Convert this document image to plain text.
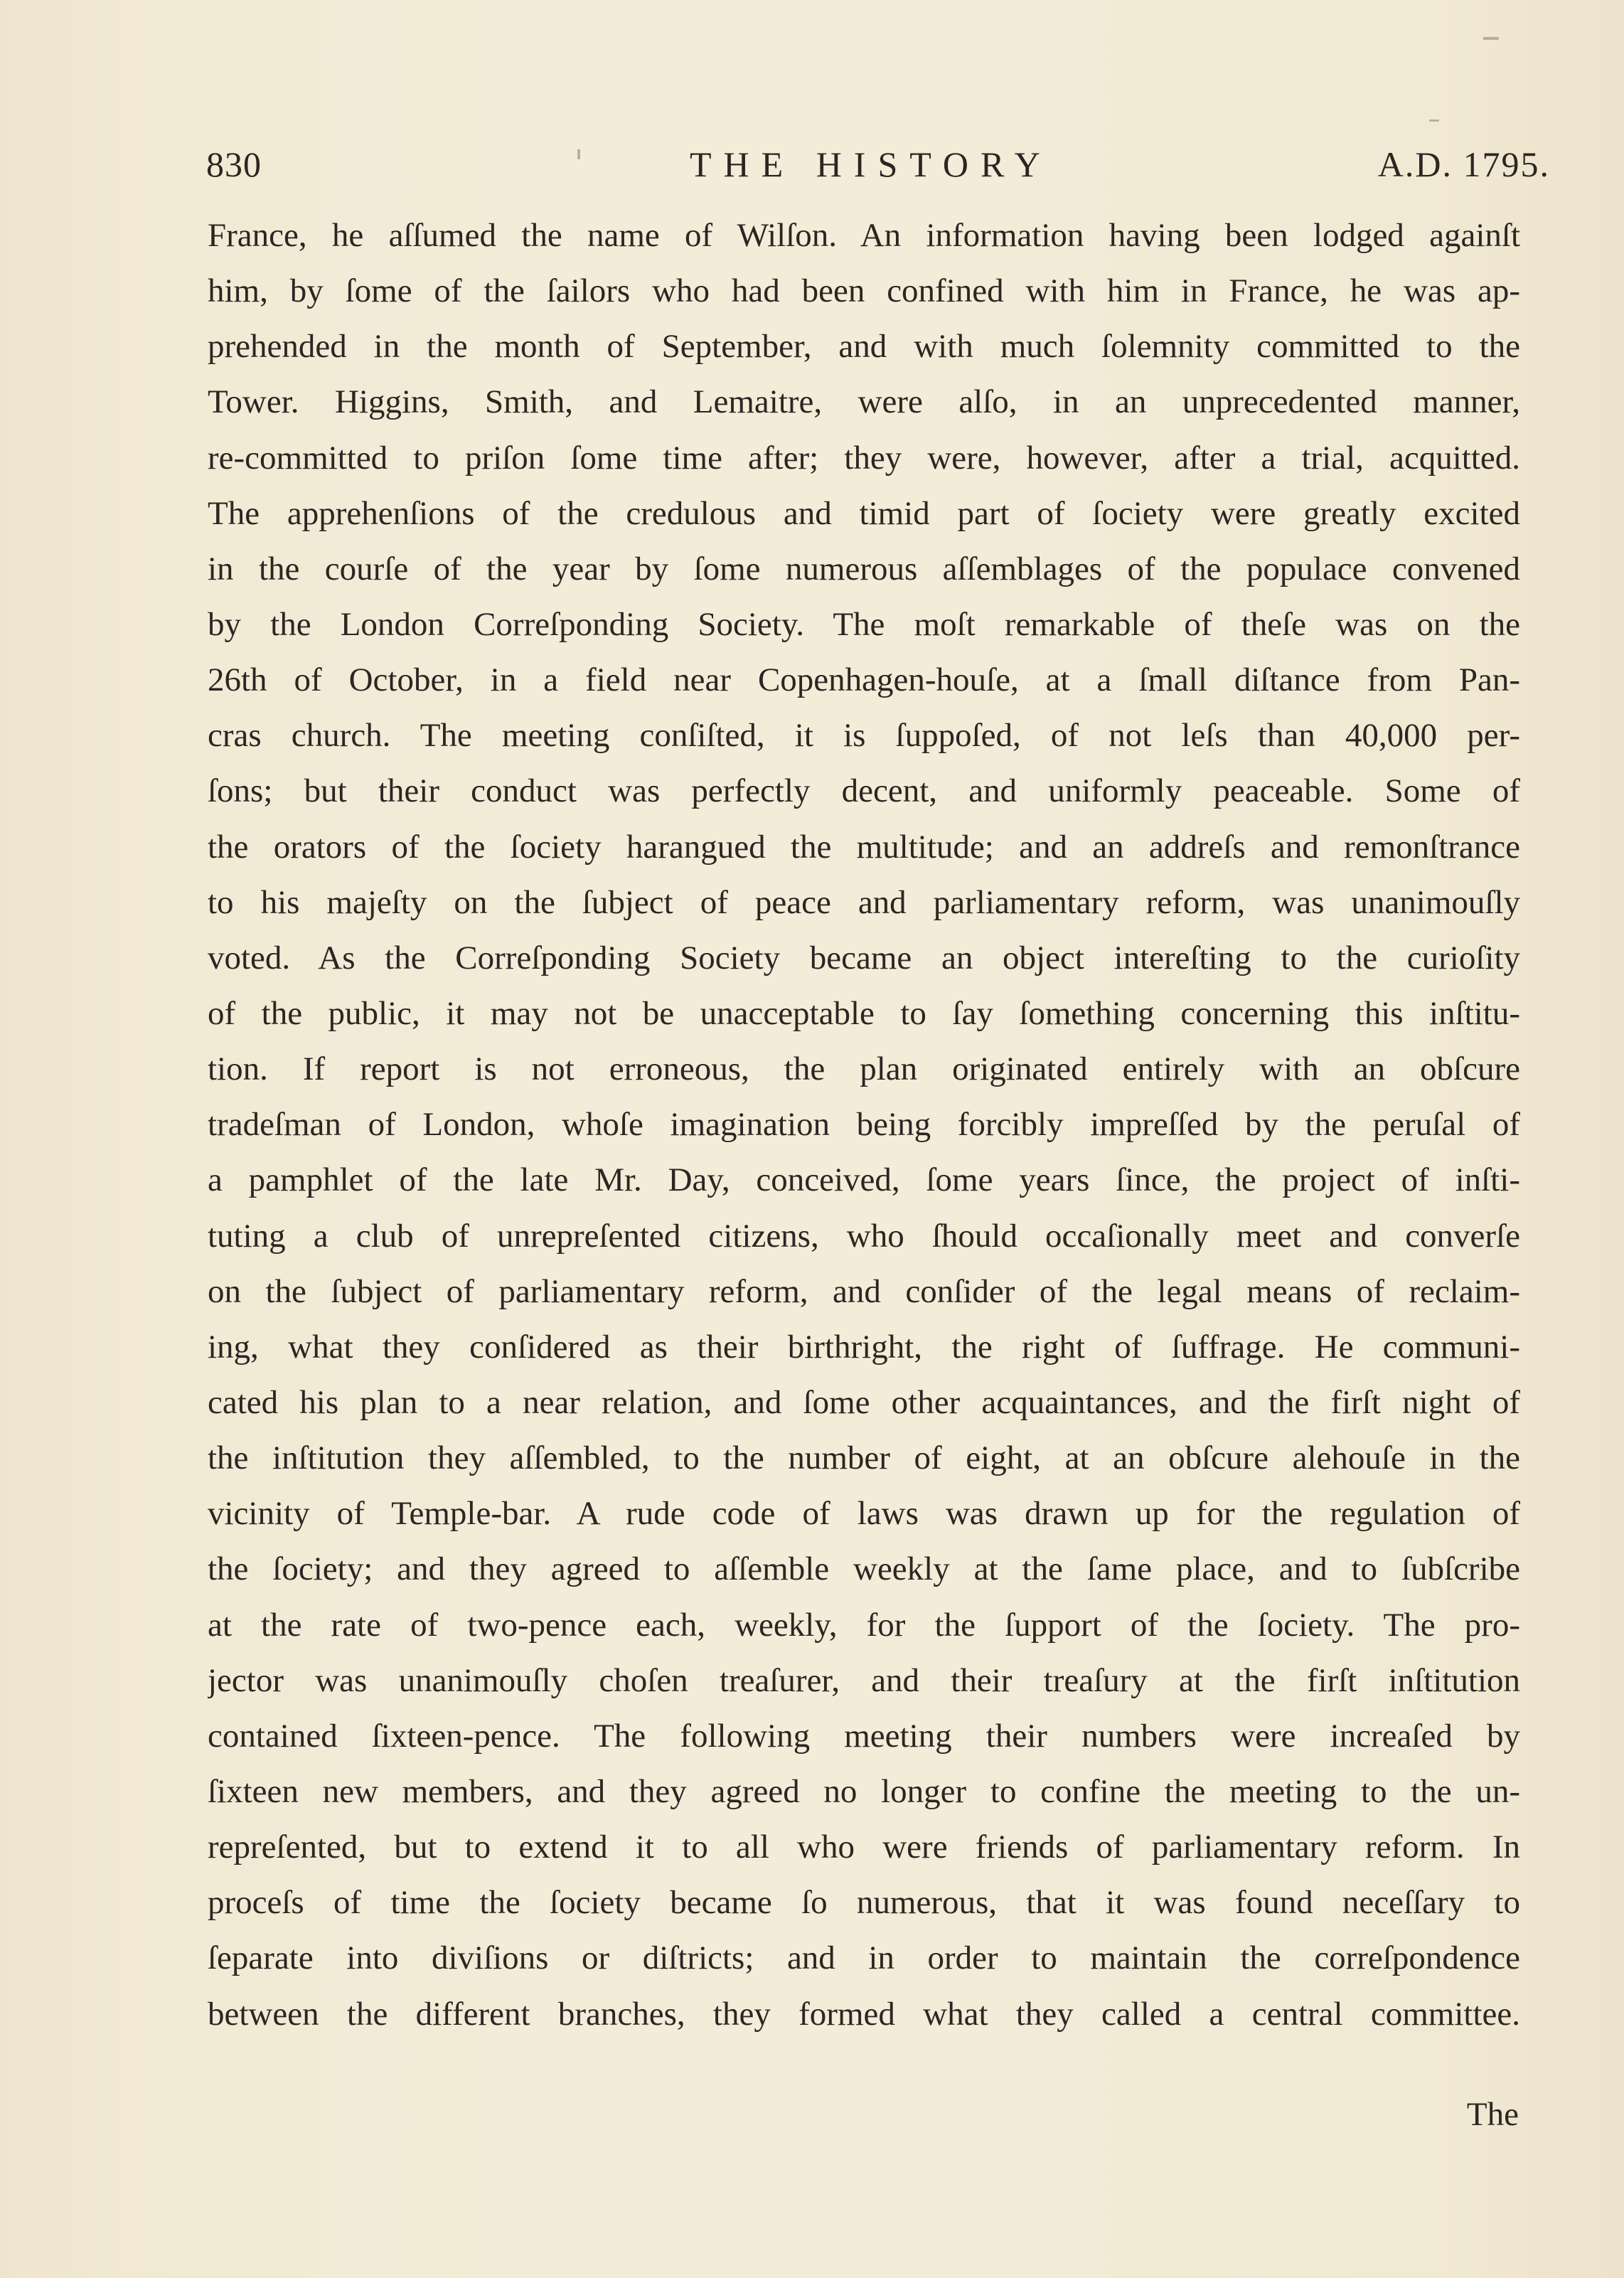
830	THE HISTORY	A.D. 1795.
France, he aſſumed the name of Wilſon. An information having been lodged againſt
him, by ſome of the ſailors who had been confined with him in France, he was ap-
prehended in the month of September, and with much ſolemnity committed to the
Tower. Higgins, Smith, and Lemaitre, were alſo, in an unprecedented manner,
re-committed to priſon ſome time after; they were, however, after a trial, acquitted.
The apprehenſions of the credulous and timid part of ſociety were greatly excited
in the courſe of the year by ſome numerous aſſemblages of the populace convened
by the London Correſponding Society. The moſt remarkable of theſe was on the
26th of October, in a field near Copenhagen-houſe, at a ſmall diſtance from Pan-
cras church. The meeting conſiſted, it is ſuppoſed, of not leſs than 40,000 per-
ſons; but their conduct was perfectly decent, and uniformly peaceable. Some of
the orators of the ſociety harangued the multitude; and an addreſs and remonſtrance
to his majeſty on the ſubject of peace and parliamentary reform, was unanimouſly
voted. As the Correſponding Society became an object intereſting to the curioſity
of the public, it may not be unacceptable to ſay ſomething concerning this inſtitu-
tion. If report is not erroneous, the plan originated entirely with an obſcure
tradeſman of London, whoſe imagination being forcibly impreſſed by the peruſal of
a pamphlet of the late Mr. Day, conceived, ſome years ſince, the project of inſti-
tuting a club of unrepreſented citizens, who ſhould occaſionally meet and converſe
on the ſubject of parliamentary reform, and conſider of the legal means of reclaim-
ing, what they conſidered as their birthright, the right of ſuffrage. He communi-
cated his plan to a near relation, and ſome other acquaintances, and the firſt night of
the inſtitution they aſſembled, to the number of eight, at an obſcure alehouſe in the
vicinity of Temple-bar. A rude code of laws was drawn up for the regulation of
the ſociety; and they agreed to aſſemble weekly at the ſame place, and to ſubſcribe
at the rate of two-pence each, weekly, for the ſupport of the ſociety. The pro-
jector was unanimouſly choſen treaſurer, and their treaſury at the firſt inſtitution
contained ſixteen-pence. The following meeting their numbers were increaſed by
ſixteen new members, and they agreed no longer to confine the meeting to the un-
repreſented, but to extend it to all who were friends of parliamentary reform. In
proceſs of time the ſociety became ſo numerous, that it was found neceſſary to
ſeparate into diviſions or diſtricts; and in order to maintain the correſpondence
between the different branches, they formed what they called a central committee.
The
